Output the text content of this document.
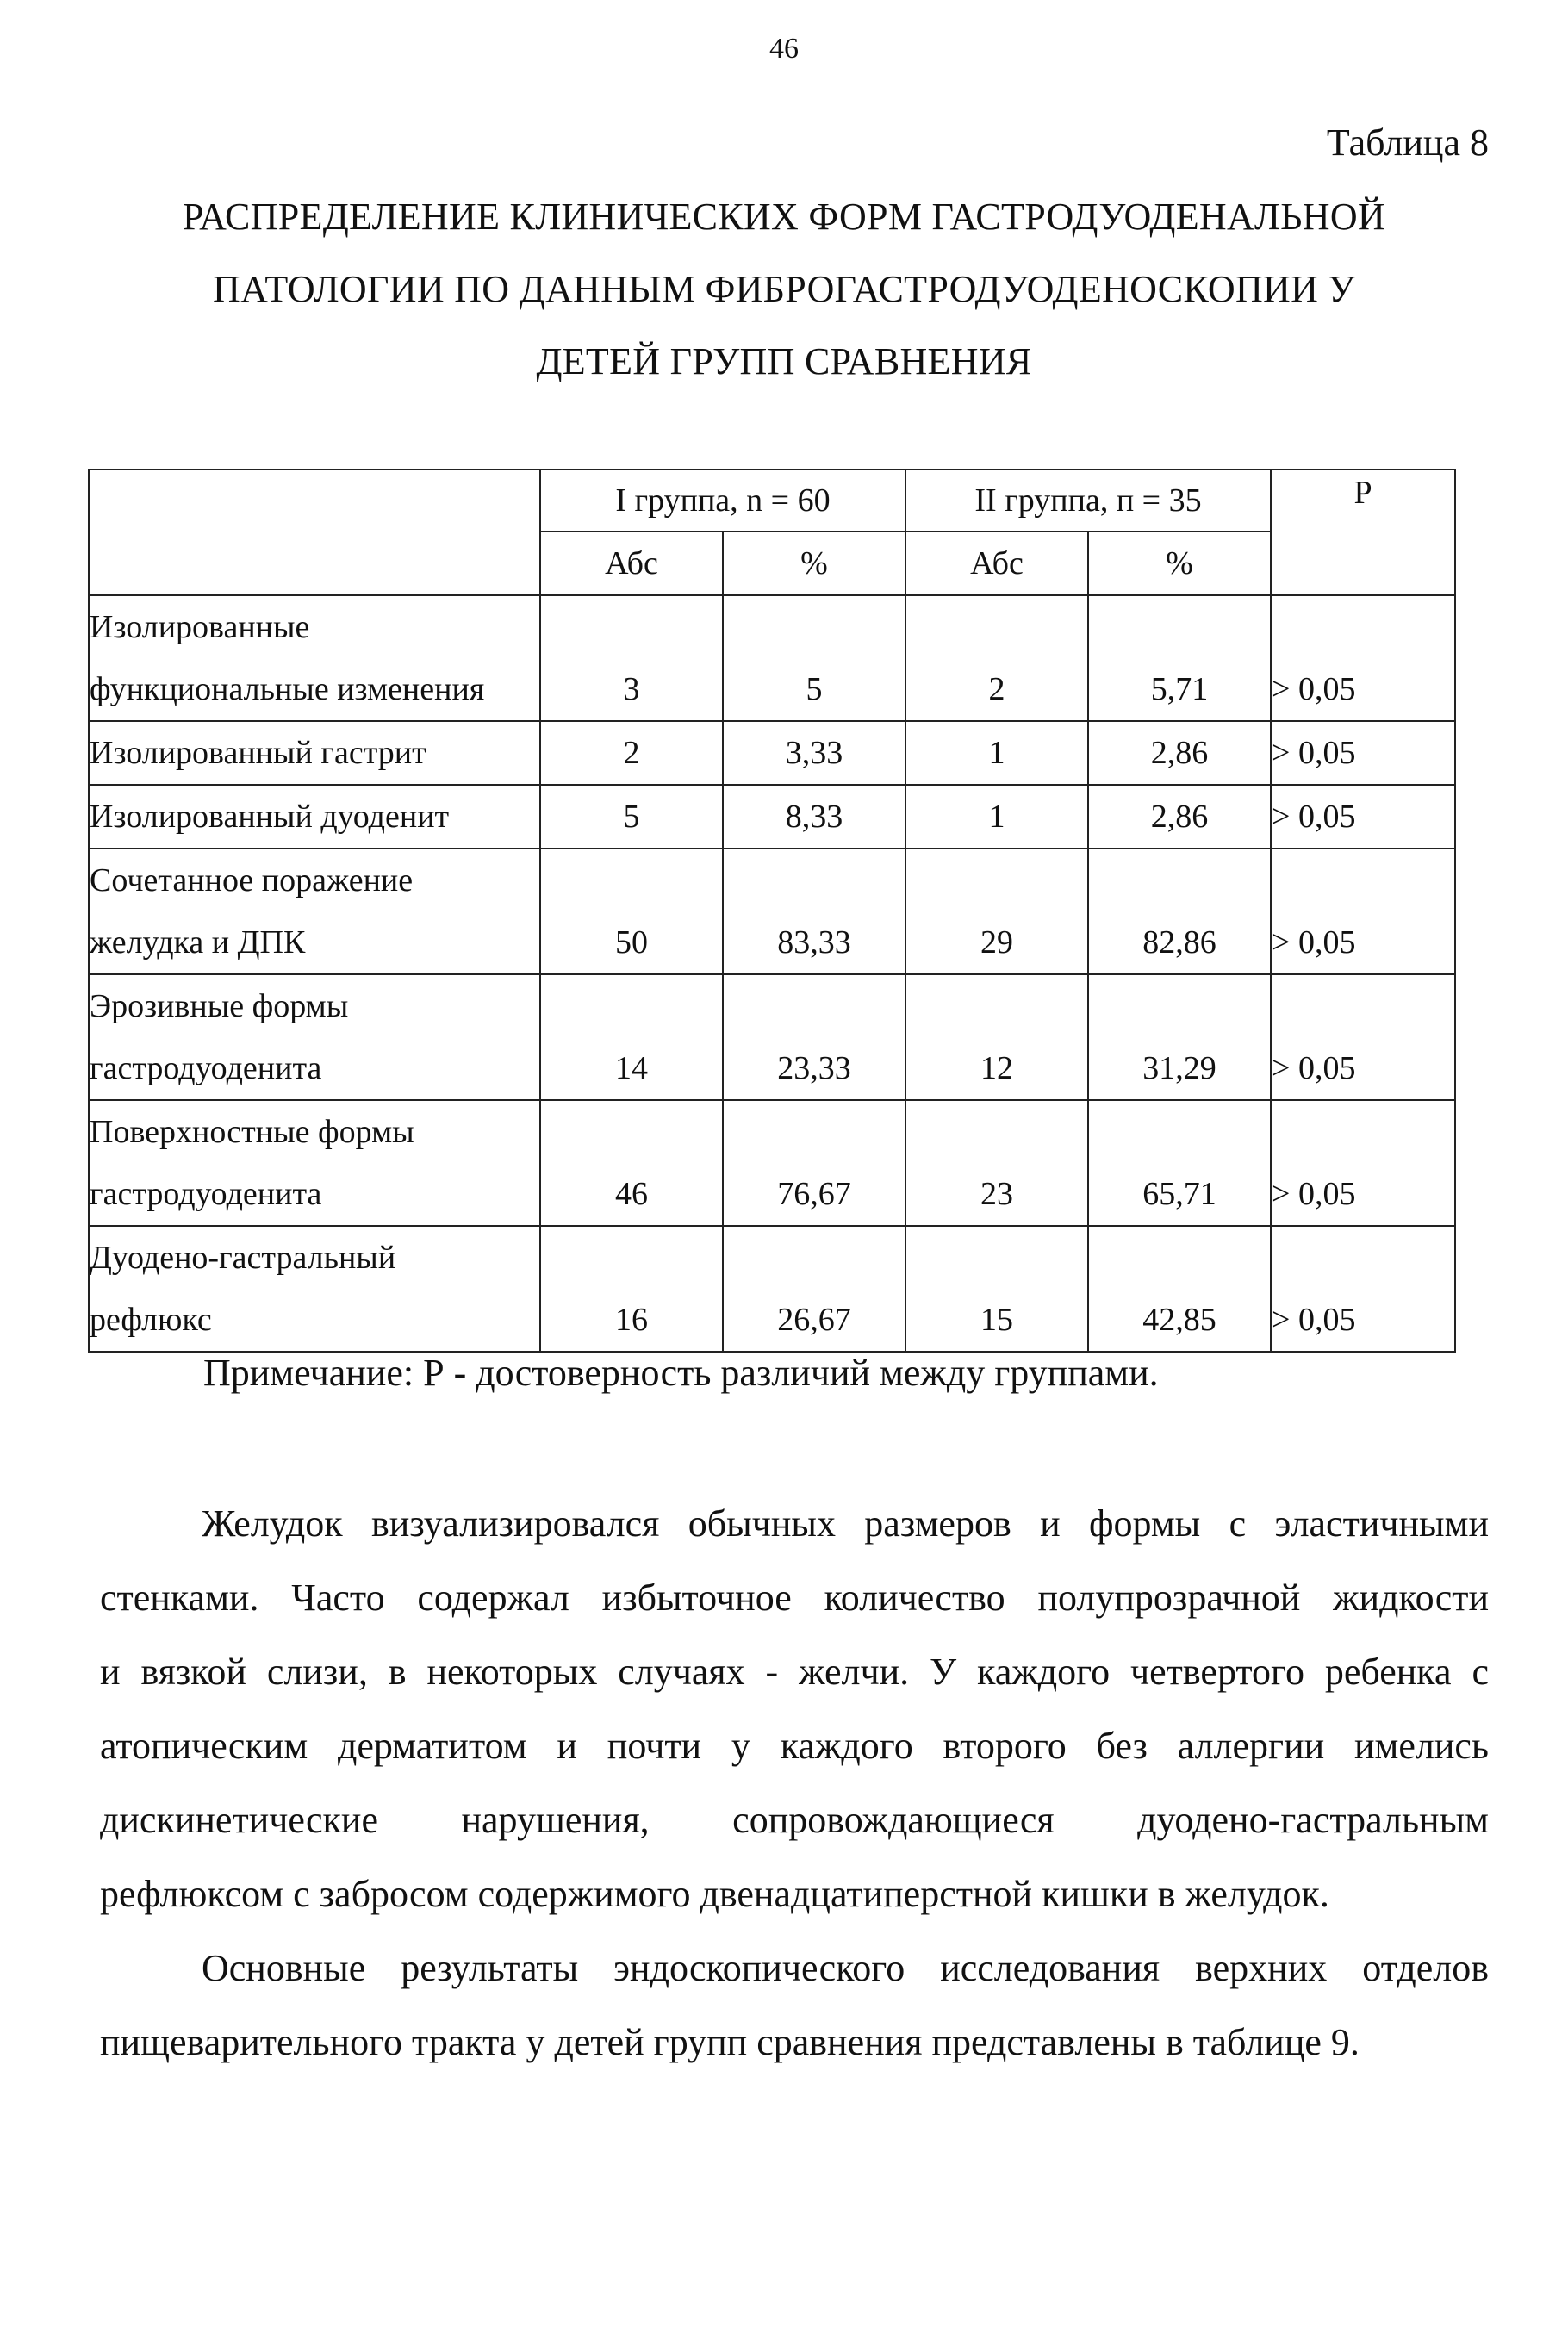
46
Таблица 8
РАСПРЕДЕЛЕНИЕ КЛИНИЧЕСКИХ ФОРМ ГАСТРОДУОДЕНАЛЬНОЙ
ПАТОЛОГИИ ПО ДАННЫМ ФИБРОГАСТРОДУОДЕНОСКОПИИ У
ДЕТЕЙ ГРУПП СРАВНЕНИЯ
	I группа, n = 60		II группа, п = 35		Р
	Абс	%	Абс	%	

Изолированные
функциональные изменения	3	5	2	5,71	> 0,05

Изолированный гастрит	2	3,33	1	2,86	> 0,05

Изолированный дуоденит	5	8,33	1	2,86	> 0,05

Сочетанное поражение
желудка и ДПК	50	83,33	29	82,86	> 0,05

Эрозивные формы
гастродуоденита	14	23,33	12	31,29	> 0,05

Поверхностные формы
гастродуоденита	46	76,67	23	65,71	> 0,05

Дуодено-гастральный
рефлюкс	16	26,67	15	42,85	> 0,05
Примечание: Р - достоверность различий между группами.
Желудок визуализировался обычных размеров и формы с эластичными
стенками. Часто содержал избыточное количество полупрозрачной жидкости
и вязкой слизи, в некоторых случаях - желчи. У каждого четвертого ребенка с
атопическим дерматитом и почти у каждого второго без аллергии имелись
дискинетические нарушения, сопровождающиеся дуодено-гастральным
рефлюксом с забросом содержимого двенадцатиперстной кишки в желудок.
Основные результаты эндоскопического исследования верхних отделов
пищеварительного тракта у детей групп сравнения представлены в таблице 9.
